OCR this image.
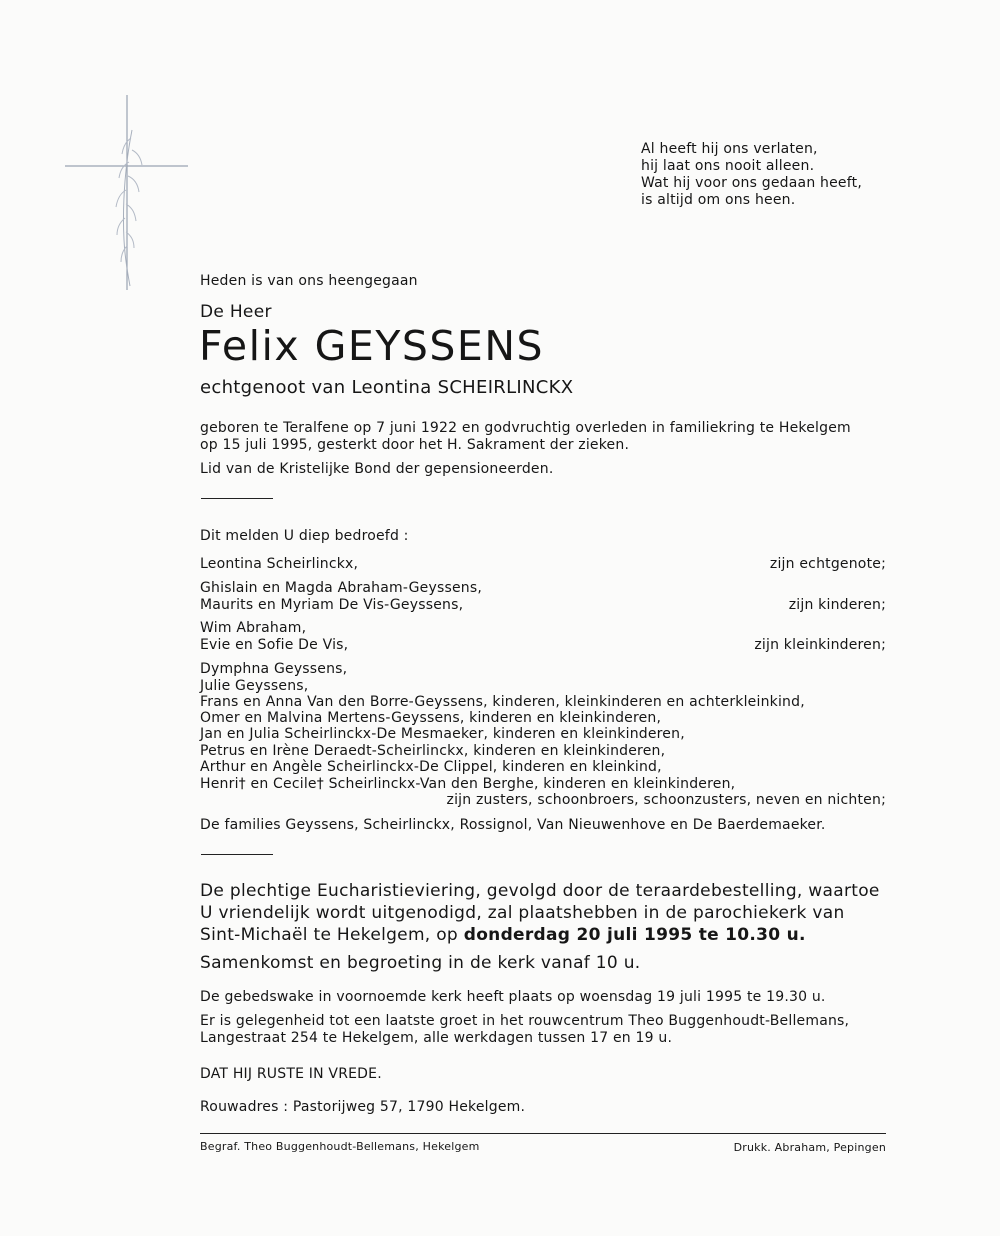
Al heeft hij ons verlaten,
hij laat ons nooit alleen.
Wat hij voor ons gedaan heeft,
is altijd om ons heen.
Heden is van ons heengegaan
De Heer
Felix GEYSSENS
echtgenoot van Leontina SCHEIRLINCKX
geboren te Teralfene op 7 juni 1922 en godvruchtig overleden in familiekring te Hekelgem
op 15 juli 1995, gesterkt door het H. Sakrament der zieken.
Lid van de Kristelijke Bond der gepensioneerden.
Dit melden U diep bedroefd :
Leontina Scheirlinckx,	zijn echtgenote;
Ghislain en Magda Abraham-Geyssens,
Maurits en Myriam De Vis-Geyssens,	zijn kinderen;
Wim Abraham,
Evie en Sofie De Vis,	zijn kleinkinderen;
Dymphna Geyssens,
Julie Geyssens,
Frans en Anna Van den Borre-Geyssens, kinderen, kleinkinderen en achterkleinkind,
Omer en Malvina Mertens-Geyssens, kinderen en kleinkinderen,
Jan en Julia Scheirlinckx-De Mesmaeker, kinderen en kleinkinderen,
Petrus en Irène Deraedt-Scheirlinckx, kinderen en kleinkinderen,
Arthur en Angèle Scheirlinckx-De Clippel, kinderen en kleinkind,
Henri† en Cecile† Scheirlinckx-Van den Berghe, kinderen en kleinkinderen,
zijn zusters, schoonbroers, schoonzusters, neven en nichten;
De families Geyssens, Scheirlinckx, Rossignol, Van Nieuwenhove en De Baerdemaeker.
De plechtige Eucharistieviering, gevolgd door de teraardebestelling, waartoe
U vriendelijk wordt uitgenodigd, zal plaatshebben in de parochiekerk van
Sint-Michaël te Hekelgem, op donderdag 20 juli 1995 te 10.30 u.
Samenkomst en begroeting in de kerk vanaf 10 u.
De gebedswake in voornoemde kerk heeft plaats op woensdag 19 juli 1995 te 19.30 u.
Er is gelegenheid tot een laatste groet in het rouwcentrum Theo Buggenhoudt-Bellemans,
Langestraat 254 te Hekelgem, alle werkdagen tussen 17 en 19 u.
DAT HIJ RUSTE IN VREDE.
Rouwadres : Pastorijweg 57, 1790 Hekelgem.
Begraf. Theo Buggenhoudt-Bellemans, Hekelgem	Drukk. Abraham, Pepingen
